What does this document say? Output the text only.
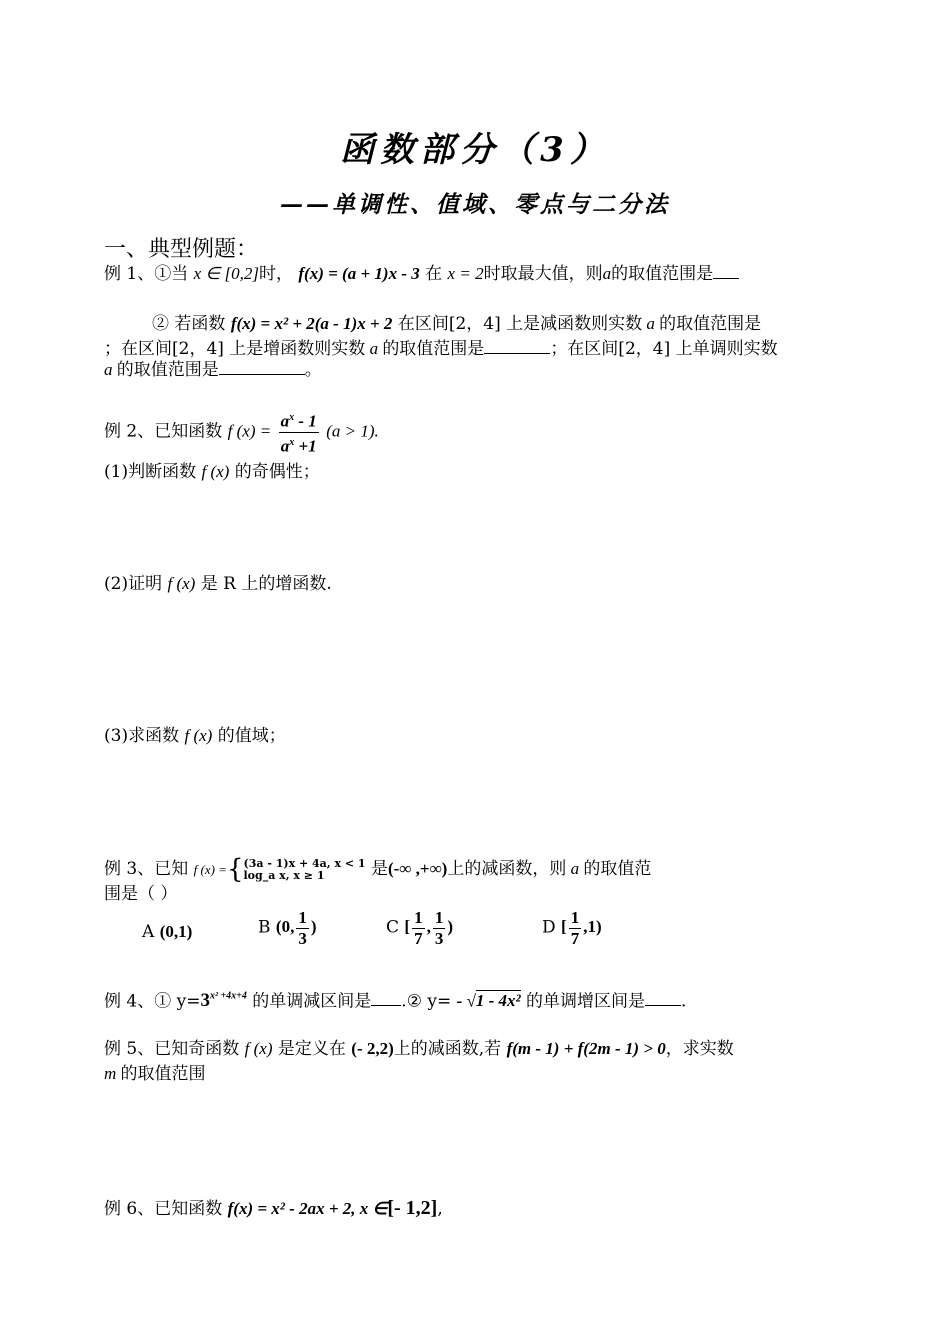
函数部分（3）
——单调性、值域、零点与二分法
一、典型例题：
例 1、①当 x ∈ [0,2]时， f(x) = (a + 1)x - 3 在 x = 2时取最大值，则a的取值范围是
② 若函数 f(x) = x² + 2(a - 1)x + 2 在区间[2，4] 上是减函数则实数 a 的取值范围是
；在区间[2，4] 上是增函数则实数 a 的取值范围是	；在区间[2，4] 上单调则实数
a 的取值范围是	。
例 2、已知函数 f $(x) = \frac{a^x - 1}{a^x +1} (a > 1)$.
(1)判断函数 f (x) 的奇偶性；
(2)证明 f (x) 是 R 上的增函数.
(3)求函数 f (x) 的值域；
例 3、已知 f (x) ={(3a - 1)x + 4a, x < 1
log_a x, x ≥ 1	是(-∞ ,+∞)上的减函数，则 a 的取值范
围是（ ）
A (0,1)	B (0, $\frac{1}{3}$ )	C [ $\frac{1}{7}$ , $\frac{1}{3}$ )	D [ $\frac{1}{7} ,1$)
例 4、① $y=3^{x^2 +4x+4}$ 的单调减区间是 .② y= - √1 - 4x² 的单调增区间是 .
例 5、已知奇函数 f (x) 是定义在 (- 2,2)上的减函数,若 f(m - 1) + f(2m - 1) > 0，求实数
m 的取值范围
例 6、已知函数 f(x) = x² - 2ax + 2, x ∈[- 1,2],
